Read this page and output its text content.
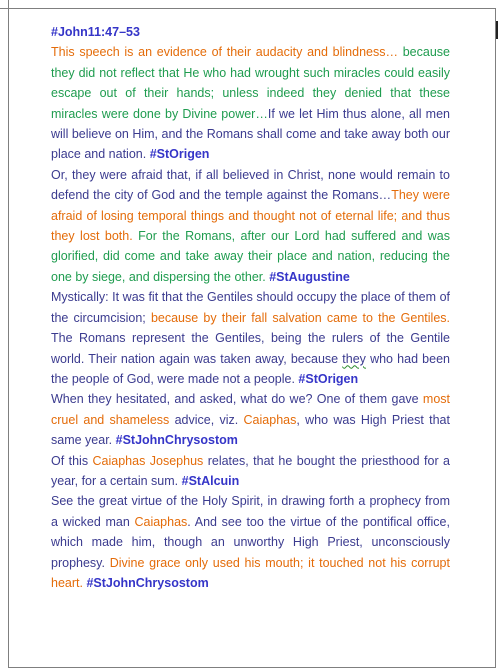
#John11:47–53

This speech is an evidence of their audacity and blindness… because they did not reflect that He who had wrought such miracles could easily escape out of their hands; unless indeed they denied that these miracles were done by Divine power…If we let Him thus alone, all men will believe on Him, and the Romans shall come and take away both our place and nation. #StOrigen

Or, they were afraid that, if all believed in Christ, none would remain to defend the city of God and the temple against the Romans…They were afraid of losing temporal things and thought not of eternal life; and thus they lost both. For the Romans, after our Lord had suffered and was glorified, did come and take away their place and nation, reducing the one by siege, and dispersing the other. #StAugustine

Mystically: It was fit that the Gentiles should occupy the place of them of the circumcision; because by their fall salvation came to the Gentiles. The Romans represent the Gentiles, being the rulers of the Gentile world. Their nation again was taken away, because they who had been the people of God, were made not a people. #StOrigen

When they hesitated, and asked, what do we? One of them gave most cruel and shameless advice, viz. Caiaphas, who was High Priest that same year. #StJohnChrysostom

Of this Caiaphas Josephus relates, that he bought the priesthood for a year, for a certain sum. #StAlcuin

See the great virtue of the Holy Spirit, in drawing forth a prophecy from a wicked man Caiaphas. And see too the virtue of the pontifical office, which made him, though an unworthy High Priest, unconsciously prophesy. Divine grace only used his mouth; it touched not his corrupt heart. #StJohnChrysostom
